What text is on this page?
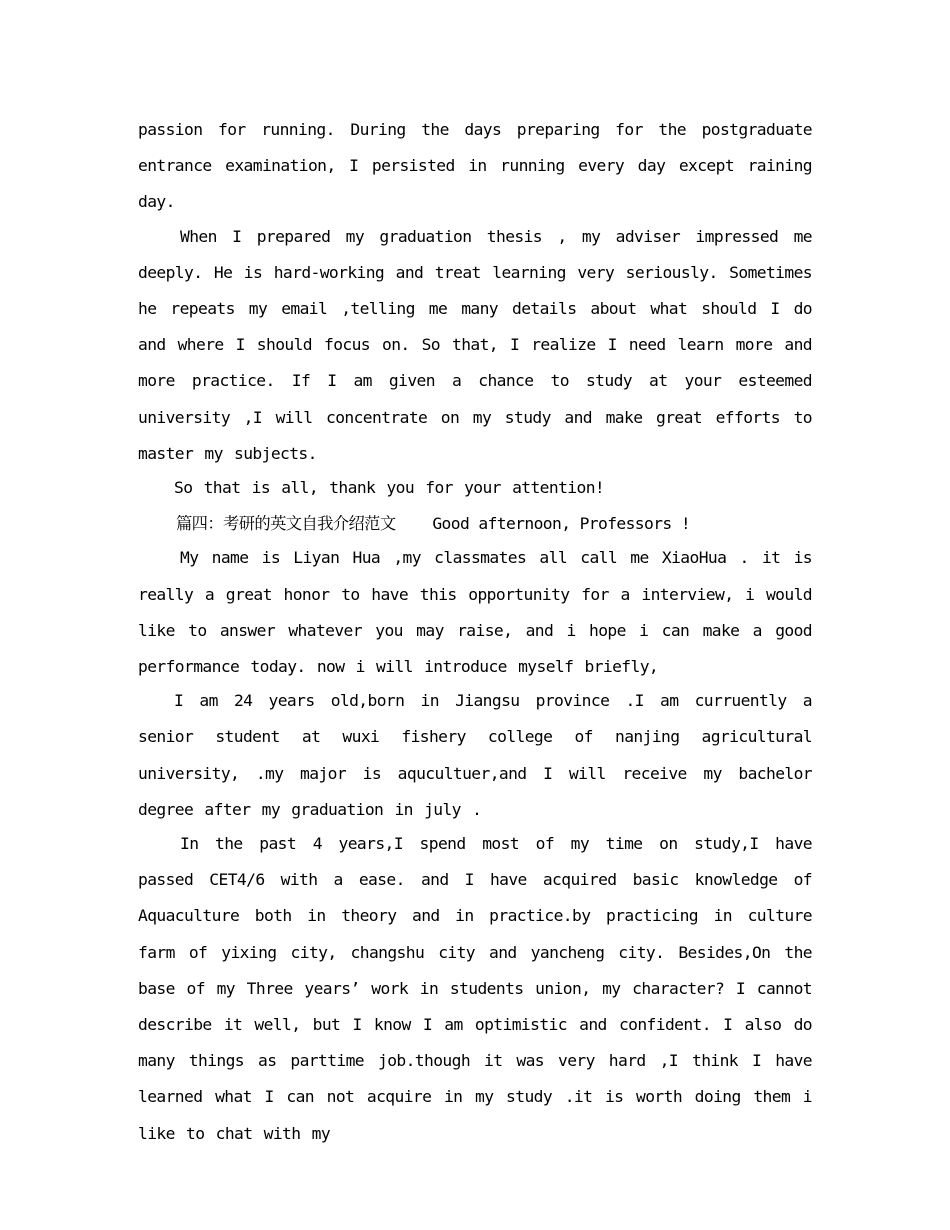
passion for running. During the days preparing for the postgraduate entrance examination, I persisted in running every day except raining day.

When I prepared my graduation thesis , my adviser impressed me deeply. He is hard-working and treat learning very seriously. Sometimes he repeats my email ,telling me many details about what should I do and where I should focus on. So that, I realize I need learn more and more practice. If I am given a chance to study at your esteemed university ,I will concentrate on my study and make great efforts to master my subjects.

So that is all, thank you for your attention!

篇四：考研的英文自我介绍范文 Good afternoon, Professors !

My name is Liyan Hua ,my classmates all call me XiaoHua . it is really a great honor to have this opportunity for a interview, i would like to answer whatever you may raise, and i hope i can make a good performance today. now i will introduce myself briefly,

I am 24 years old,born in Jiangsu province .I am curruently a senior student at wuxi fishery college of nanjing agricultural university, .my major is aqucultuer,and I will receive my bachelor degree after my graduation in july .

In the past 4 years,I spend most of my time on study,I have passed CET4/6 with a ease. and I have acquired basic knowledge of Aquaculture both in theory and in practice.by practicing in culture farm of yixing city, changshu city and yancheng city. Besides,On the base of my Three years’ work in students union, my character? I cannot describe it well, but I know I am optimistic and confident. I also do many things as parttime job.though it was very hard ,I think I have learned what I can not acquire in my study .it is worth doing them i like to chat with my
